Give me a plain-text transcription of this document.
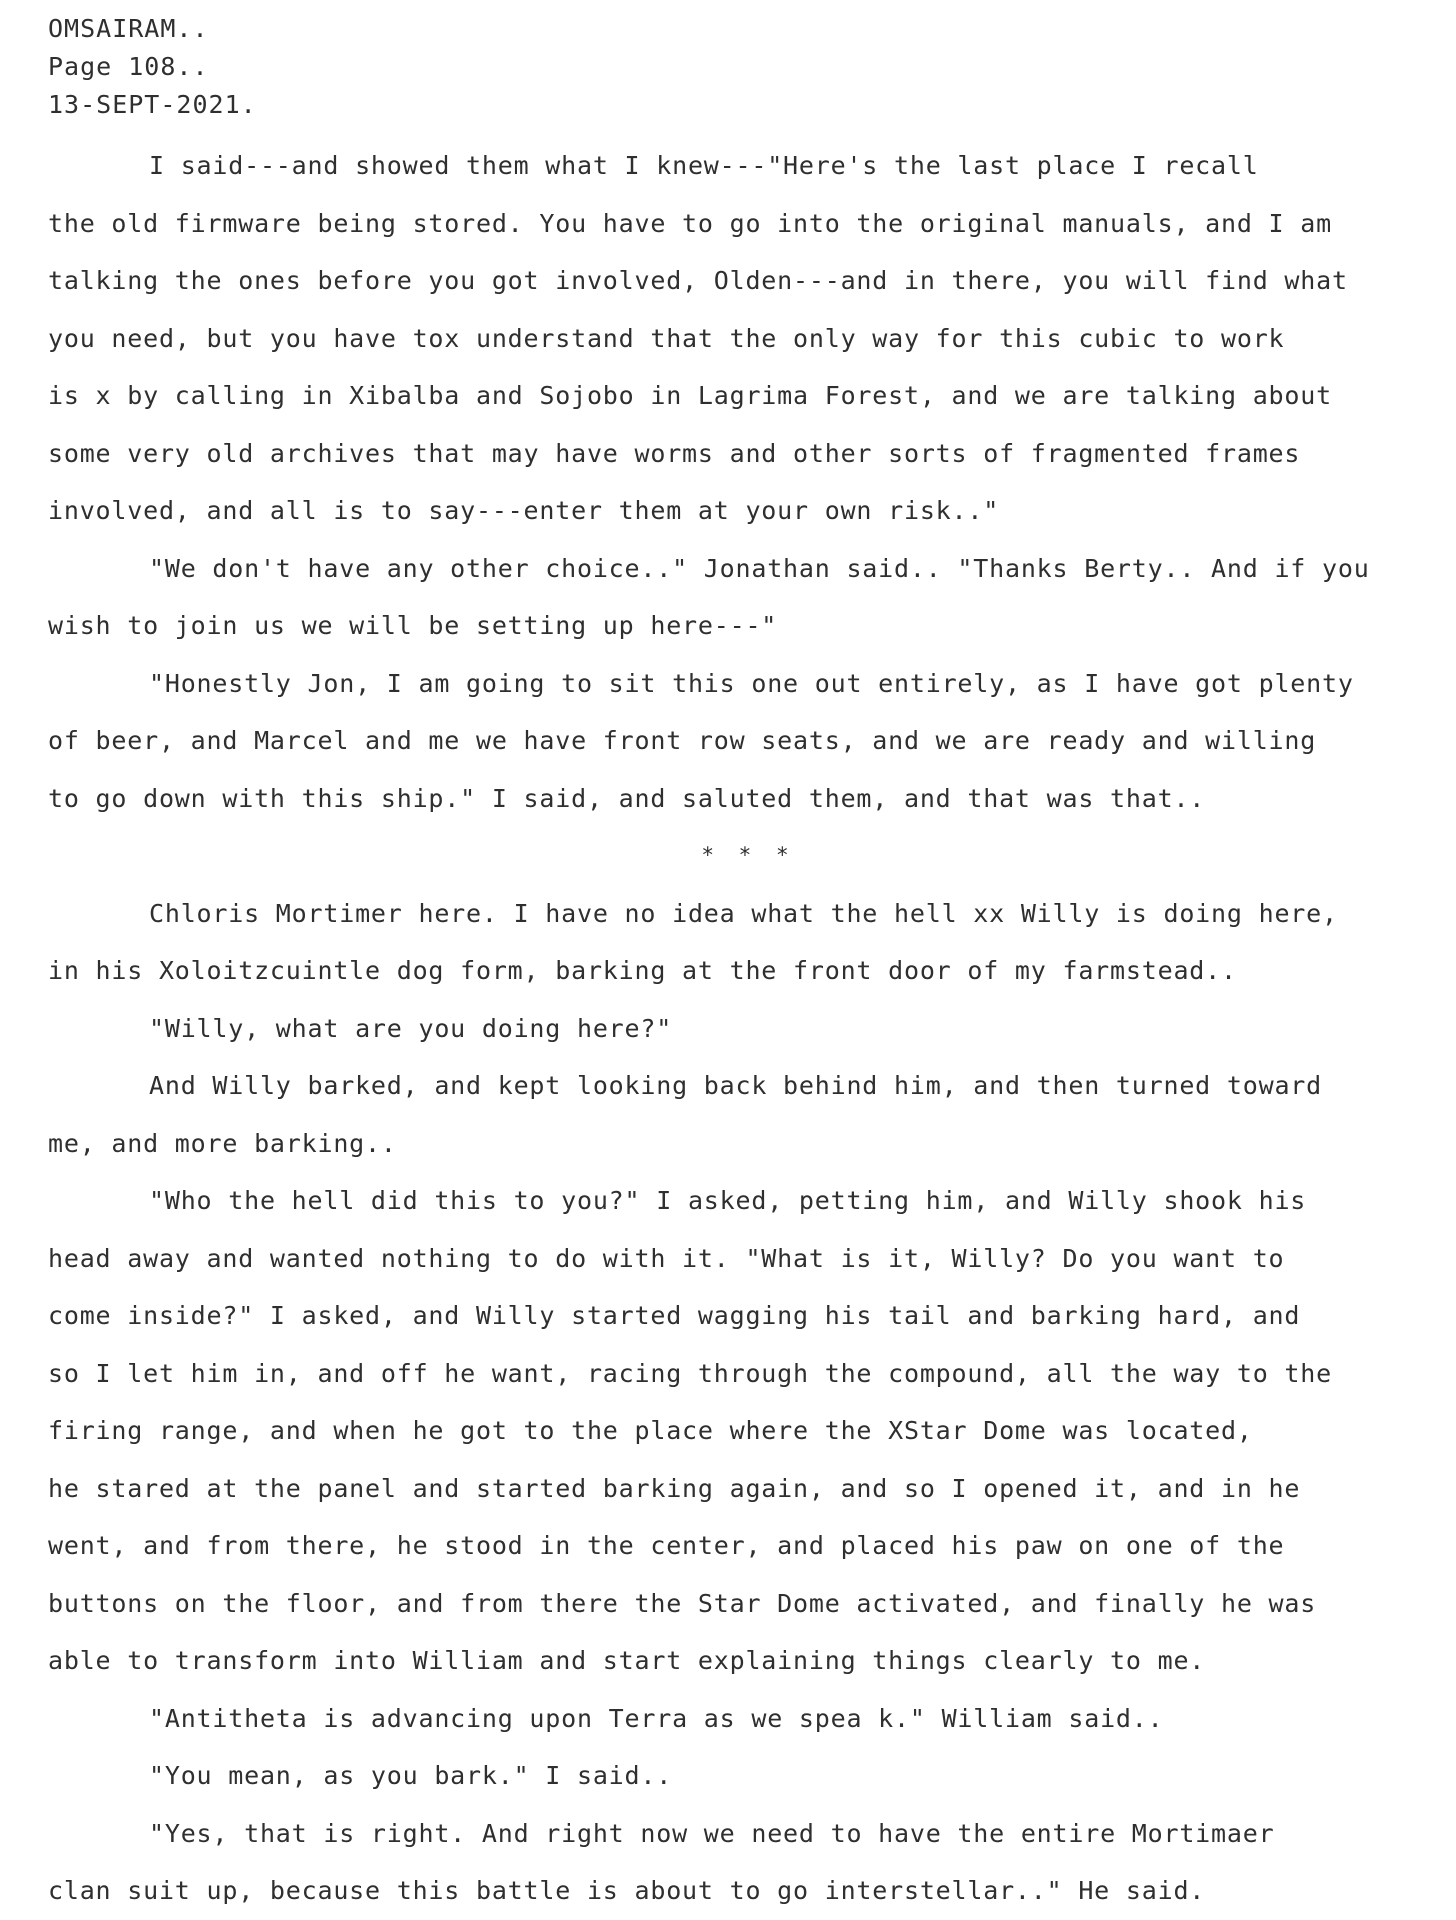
OMSAIRAM..
Page 108..
13-SEPT-2021.

I said---and showed them what I knew---"Here's the last place I recall

the old firmware being stored. You have to go into the original manuals, and I am

talking the ones before you got involved, Olden---and in there, you will find what

you need, but you have tox understand that the only way for this cubic to work

is x by calling in Xibalba and Sojobo in Lagrima Forest, and we are talking about

some very old archives that may have worms and other sorts of fragmented frames

involved, and all is to say---enter them at your own risk.."

"We don't have any other choice.." Jonathan said.. "Thanks Berty.. And if you

wish to join us we will be setting up here---"

"Honestly Jon, I am going to sit this one out entirely, as I have got plenty

of beer, and Marcel and me we have front row seats, and we are ready and willing

to go down with this ship." I said, and saluted them, and that was that..

* * *

Chloris Mortimer here. I have no idea what the hell xx Willy is doing here,

in his Xoloitzcuintle dog form, barking at the front door of my farmstead..

"Willy, what are you doing here?"

And Willy barked, and kept looking back behind him, and then turned toward

me, and more barking..

"Who the hell did this to you?" I asked, petting him, and Willy shook his

head away and wanted nothing to do with it. "What is it, Willy? Do you want to

come inside?" I asked, and Willy started wagging his tail and barking hard, and

so I let him in, and off he want, racing through the compound, all the way to the

firing range, and when he got to the place where the XStar Dome was located,

he stared at the panel and started barking again, and so I opened it, and in he

went, and from there, he stood in the center, and placed his paw on one of the

buttons on the floor, and from there the Star Dome activated, and finally he was

able to transform into William and start explaining things clearly to me.

"Antitheta is advancing upon Terra as we spea k." William said..

"You mean, as you bark." I said..

"Yes, that is right. And right now we need to have the entire Mortimaer

clan suit up, because this battle is about to go interstellar.." He said.
